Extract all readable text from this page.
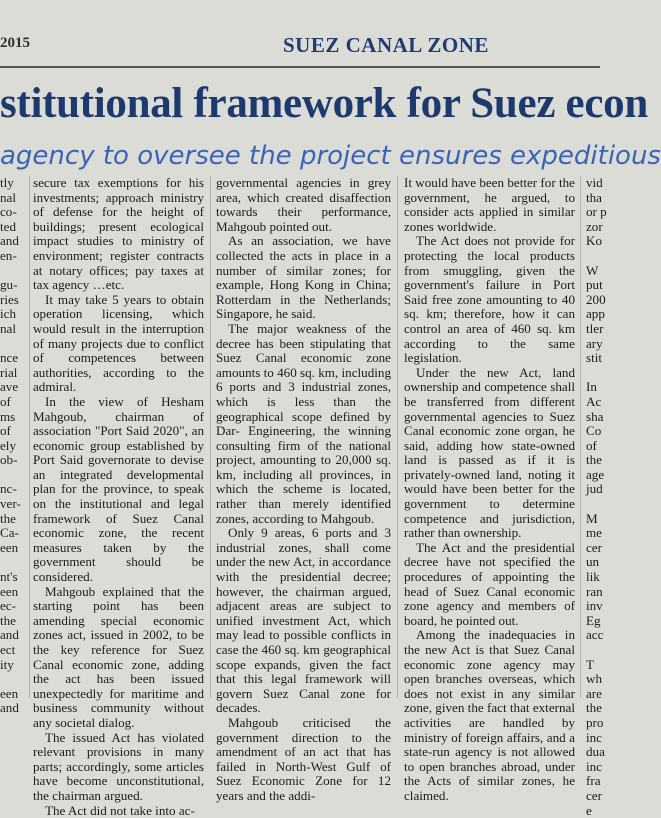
2015	SUEZ CANAL ZONE
stitutional framework for Suez econ
agency to oversee the project ensures expeditious

tly

nal

co-

ted

and

en-

gu-

ries

ich

nal

nce

rial

ave

of

ms

of

ely

ob-

nc-

ver-

the

Ca-

een

nt's

een

ec-

the

and

ect

ity

een

and

secure tax exemptions for his investments; approach ministry of defense for the height of buildings; present ecological impact studies to ministry of environment; register contracts at notary offices; pay taxes at tax agency …etc.

It may take 5 years to obtain operation licensing, which would result in the interruption of many projects due to conflict of competences between authorities, according to the admiral.

In the view of Hesham Mahgoub, chairman of association "Port Said 2020", an economic group established by Port Said governorate to devise an integrated developmental plan for the province, to speak on the institutional and legal framework of Suez Canal economic zone, the recent measures taken by the government should be considered.

Mahgoub explained that the starting point has been amending special economic zones act, issued in 2002, to be the key reference for Suez Canal economic zone, adding the act has been issued unexpectedly for maritime and business community without any societal dialog.

The issued Act has violated relevant provisions in many parts; accordingly, some articles have become unconstitutional, the chairman argued.

The Act did not take into ac-

governmental agencies in grey area, which created disaffection towards their performance, Mahgoub pointed out.

As an association, we have collected the acts in place in a number of similar zones; for example, Hong Kong in China; Rotterdam in the Netherlands; Singapore, he said.

The major weakness of the decree has been stipulating that Suez Canal economic zone amounts to 460 sq. km, including 6 ports and 3 industrial zones, which is less than the geographical scope defined by Dar- Engineering, the winning consulting firm of the national project, amounting to 20,000 sq. km, including all provinces, in which the scheme is located, rather than merely identified zones, according to Mahgoub.

Only 9 areas, 6 ports and 3 industrial zones, shall come under the new Act, in accordance with the presidential decree; however, the chairman argued, adjacent areas are subject to unified investment Act, which may lead to possible conflicts in case the 460 sq. km geographical scope expands, given the fact that this legal framework will govern Suez Canal zone for decades.

Mahgoub criticised the government direction to the amendment of an act that has failed in North-West Gulf of Suez Economic Zone for 12 years and the addi-

It would have been better for the government, he argued, to consider acts applied in similar zones worldwide.

The Act does not provide for protecting the local products from smuggling, given the government's failure in Port Said free zone amounting to 40 sq. km; therefore, how it can control an area of 460 sq. km according to the same legislation.

Under the new Act, land ownership and competence shall be transferred from different governmental agencies to Suez Canal economic zone organ, he said, adding how state-owned land is passed as if it is privately-owned land, noting it would have been better for the government to determine competence and jurisdiction, rather than ownership.

The Act and the presidential decree have not specified the procedures of appointing the head of Suez Canal economic zone agency and members of board, he pointed out.

Among the inadequacies in the new Act is that Suez Canal economic zone agency may open branches overseas, which does not exist in any similar zone, given the fact that external activities are handled by ministry of foreign affairs, and a state-run agency is not allowed to open branches abroad, under the Acts of similar zones, he claimed.

vid

tha

or p

zor

Ko

W

put

200

app

tler

ary

stit

In

Ac

sha

Co

of

the

age

jud

M

me

cer

un

lik

ran

inv

Eg

acc

T

wh

are

the

pro

inc

dua

inc

fra

cer

e
